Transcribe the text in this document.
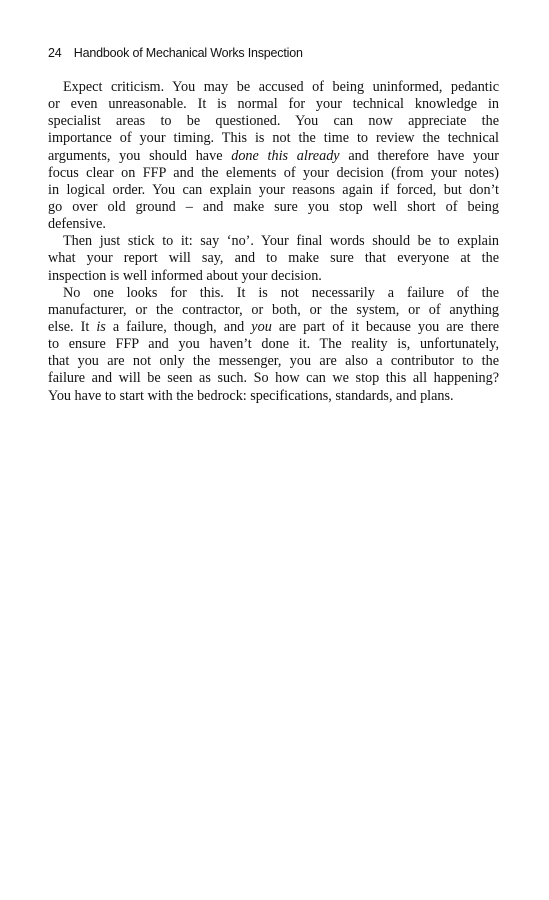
24 Handbook of Mechanical Works Inspection
Expect criticism. You may be accused of being uninformed, pedantic
or even unreasonable. It is normal for your technical knowledge in
specialist areas to be questioned. You can now appreciate the
importance of your timing. This is not the time to review the technical
arguments, you should have done this already and therefore have your
focus clear on FFP and the elements of your decision (from your notes)
in logical order. You can explain your reasons again if forced, but don’t
go over old ground – and make sure you stop well short of being
defensive.
Then just stick to it: say ‘no’. Your final words should be to explain
what your report will say, and to make sure that everyone at the
inspection is well informed about your decision.
No one looks for this. It is not necessarily a failure of the
manufacturer, or the contractor, or both, or the system, or of anything
else. It is a failure, though, and you are part of it because you are there
to ensure FFP and you haven’t done it. The reality is, unfortunately,
that you are not only the messenger, you are also a contributor to the
failure and will be seen as such. So how can we stop this all happening?
You have to start with the bedrock: specifications, standards, and plans.
